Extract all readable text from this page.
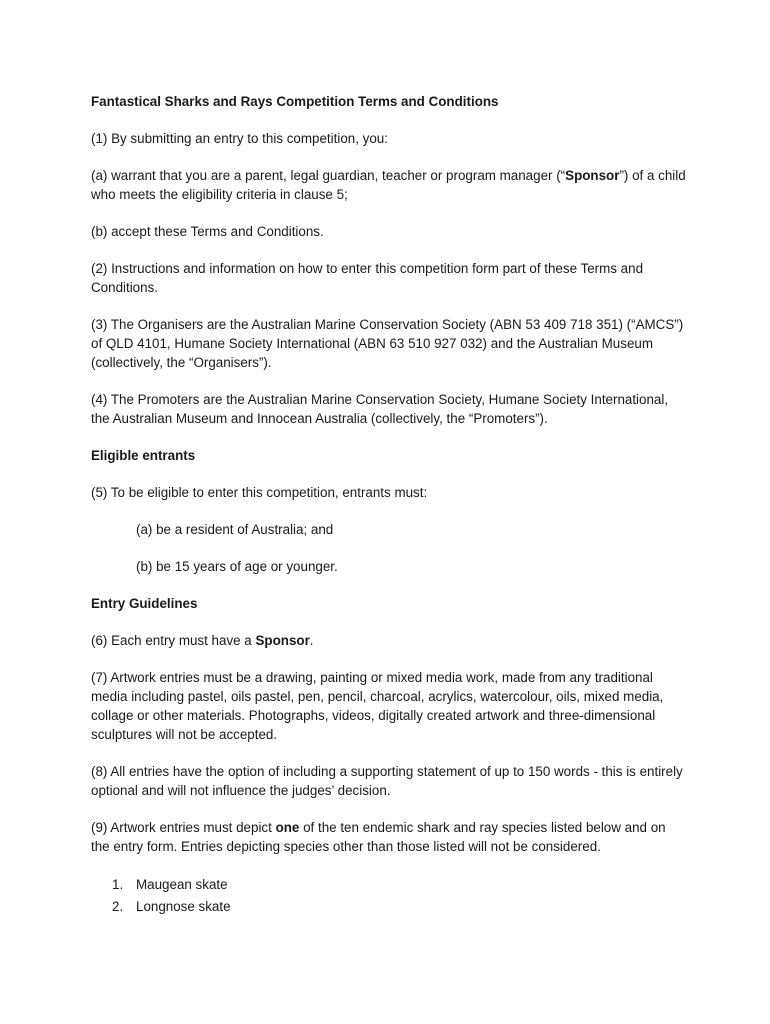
Fantastical Sharks and Rays Competition Terms and Conditions

(1) By submitting an entry to this competition, you:

(a) warrant that you are a parent, legal guardian, teacher or program manager (“Sponsor”) of a child who meets the eligibility criteria in clause 5;

(b) accept these Terms and Conditions.

(2) Instructions and information on how to enter this competition form part of these Terms and Conditions.

(3) The Organisers are the Australian Marine Conservation Society (ABN 53 409 718 351) (“AMCS”) of QLD 4101, Humane Society International (ABN 63 510 927 032) and the Australian Museum (collectively, the “Organisers”).

(4) The Promoters are the Australian Marine Conservation Society, Humane Society International, the Australian Museum and Innocean Australia (collectively, the “Promoters”).

Eligible entrants

(5) To be eligible to enter this competition, entrants must:

(a) be a resident of Australia; and

(b) be 15 years of age or younger.

Entry Guidelines

(6) Each entry must have a Sponsor.

(7) Artwork entries must be a drawing, painting or mixed media work, made from any traditional media including pastel, oils pastel, pen, pencil, charcoal, acrylics, watercolour, oils, mixed media, collage or other materials. Photographs, videos, digitally created artwork and three-dimensional sculptures will not be accepted.

(8) All entries have the option of including a supporting statement of up to 150 words - this is entirely optional and will not influence the judges’ decision.

(9) Artwork entries must depict one of the ten endemic shark and ray species listed below and on the entry form. Entries depicting species other than those listed will not be considered.

1. Maugean skate
2. Longnose skate
